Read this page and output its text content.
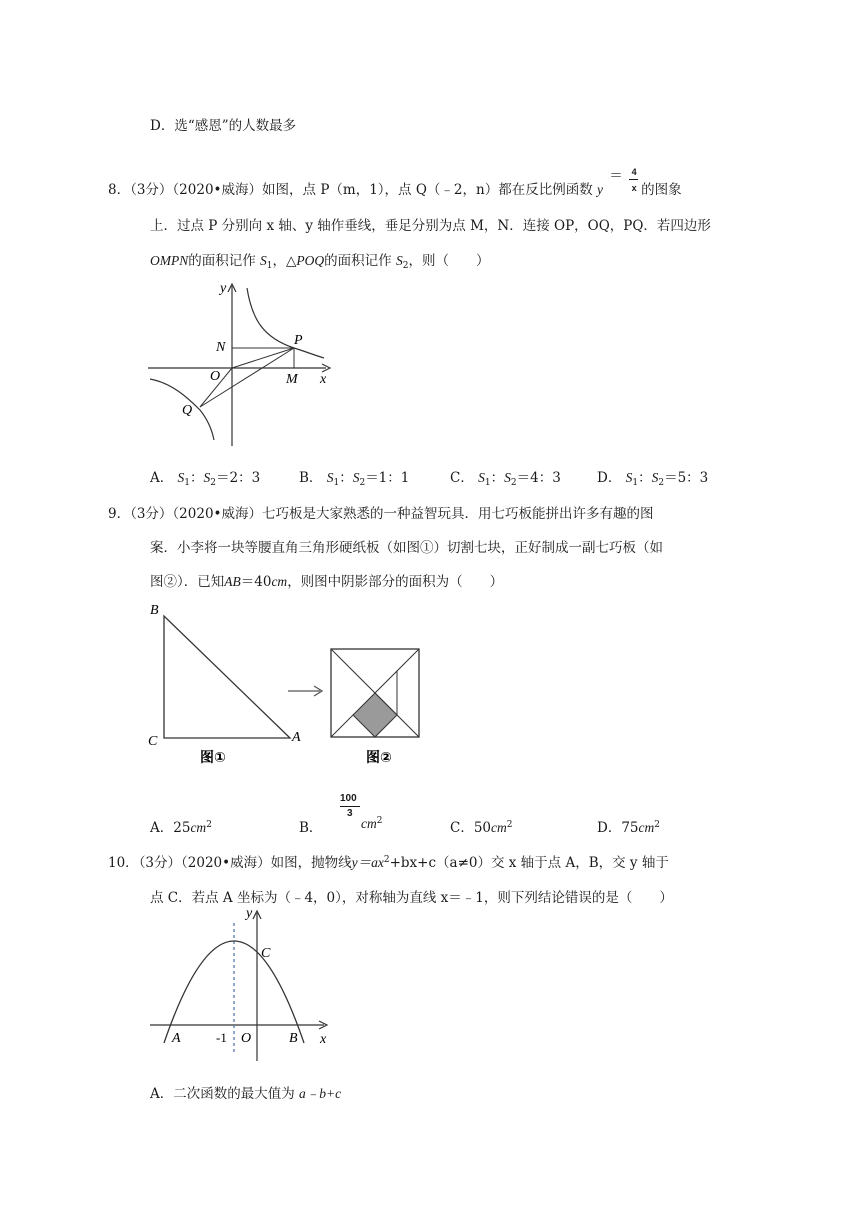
D．选“感恩”的人数最多
8．（3分）（2020•威海）如图，点 P（m，1），点 Q（﹣2，n）都在反比例函数 $y = \frac{4}{x}$ 的图象
上．过点 P 分别向 x 轴、y 轴作垂线，垂足分别为点 M，N．连接 OP，OQ，PQ．若四边形
OMPN的面积记作 $S_1$，△POQ的面积记作 $S_2$，则（　　）
y
x
N	P
O	M
Q
A． $S_1$：$S_2=2$：3	B． $S_1$：$S_2=1$：1	C． $S_1$：$S_2=4$：3	D． $S_1$：$S_2=5$：3
9．（3分）（2020•威海）七巧板是大家熟悉的一种益智玩具．用七巧板能拼出许多有趣的图
案．小李将一块等腰直角三角形硬纸板（如图①）切割七块，正好制成一副七巧板（如
图②）．已知AB＝40cm，则图中阴影部分的面积为（　　）
B
C	A
图①	图②
A．$25cm^2$	B．
100
3
$cm^2$	C．$50cm^2$	D．$75cm^2$
10．（3分）（2020•威海）如图，抛物线$y=ax^2+bx+c(a\ne 0)$交 x 轴于点 A，B，交 y 轴于
点 C．若点 A 坐标为（﹣4，0），对称轴为直线 x＝﹣1，则下列结论错误的是（　　）
y
x
C
A	-1 O	B
A．二次函数的最大值为 a﹣b+c
